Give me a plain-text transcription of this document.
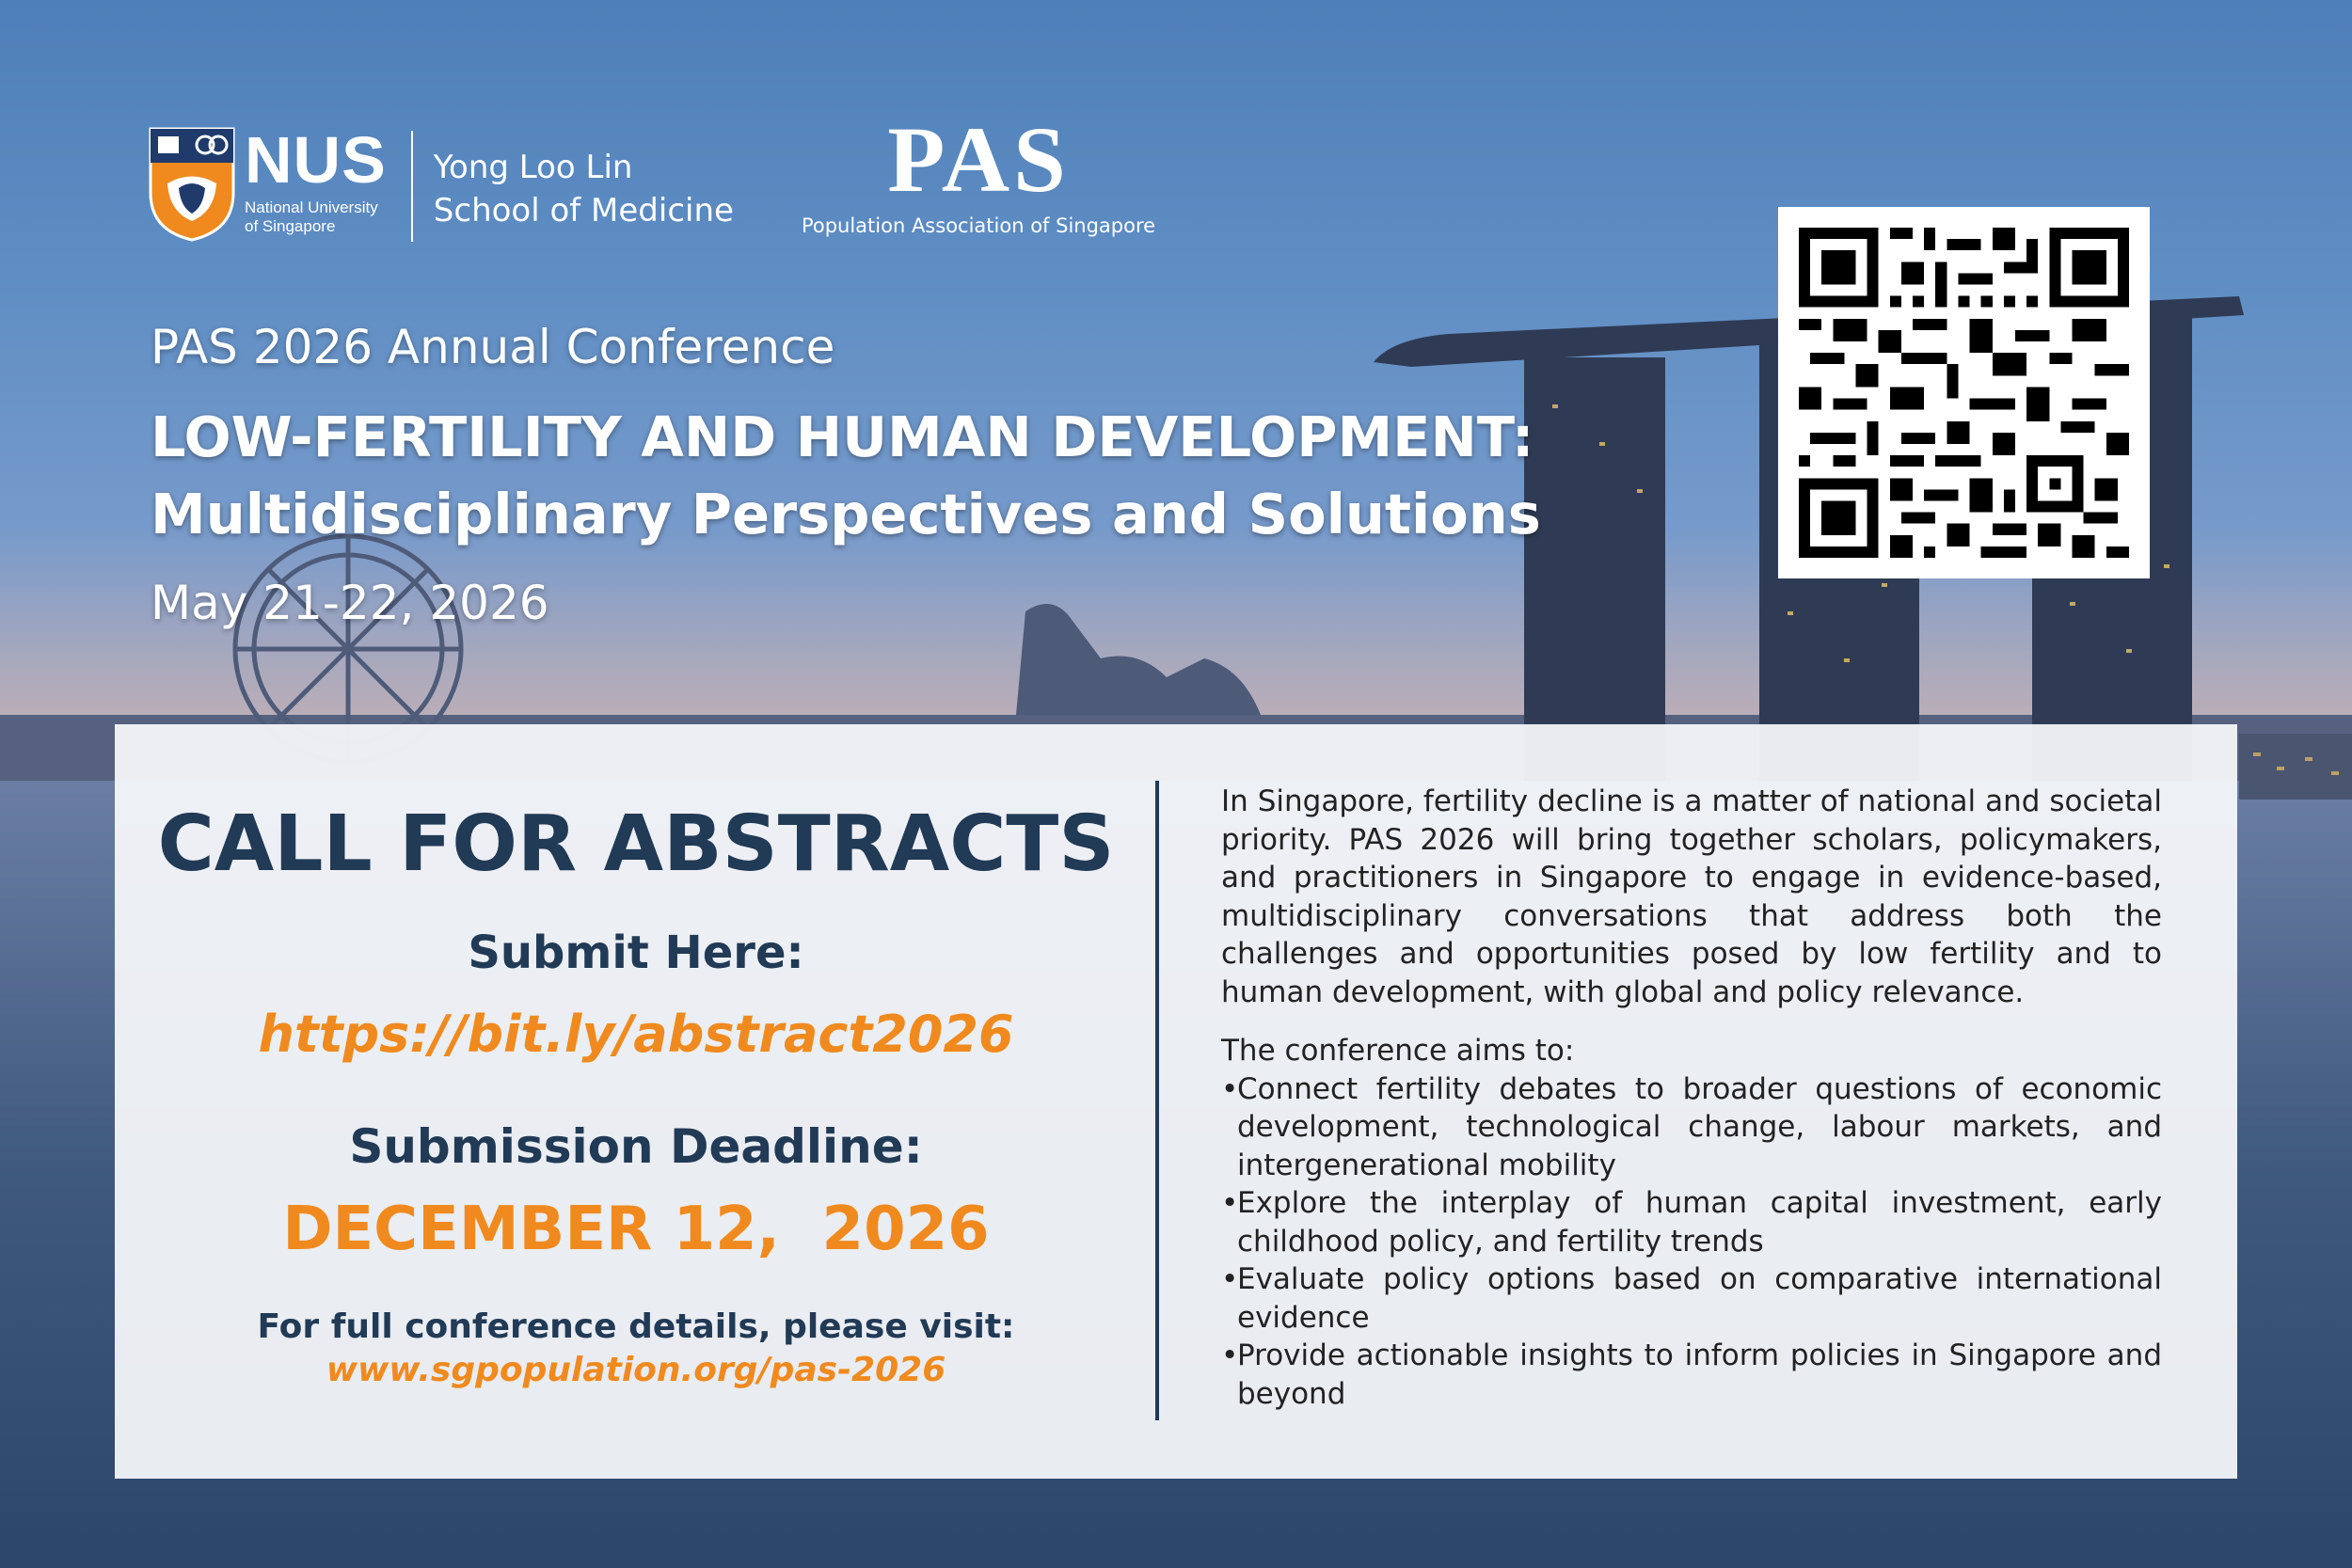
NUS
National University
of Singapore
Yong Loo Lin
School of Medicine	PAS
Population Association of Singapore
PAS 2026 Annual Conference
LOW-FERTILITY AND HUMAN DEVELOPMENT:
Multidisciplinary Perspectives and Solutions
May 21-22, 2026
CALL FOR ABSTRACTS
Submit Here:
https://bit.ly/abstract2026
Submission Deadline:
DECEMBER 12,  2026
For full conference details, please visit:
www.sgpopulation.org/pas-2026

In Singapore, fertility decline is a matter of national and societal priority. PAS 2026 will bring together scholars, policymakers, and practitioners in Singapore to engage in evidence-based, multidisciplinary conversations that address both the challenges and opportunities posed by low fertility and to human development, with global and policy relevance.

The conference aims to:

•
Connect fertility debates to broader questions of economic development, technological change, labour markets, and intergenerational mobility
•
Explore the interplay of human capital investment, early childhood policy, and fertility trends
•
Evaluate policy options based on comparative international evidence
•
Provide actionable insights to inform policies in Singapore and beyond
